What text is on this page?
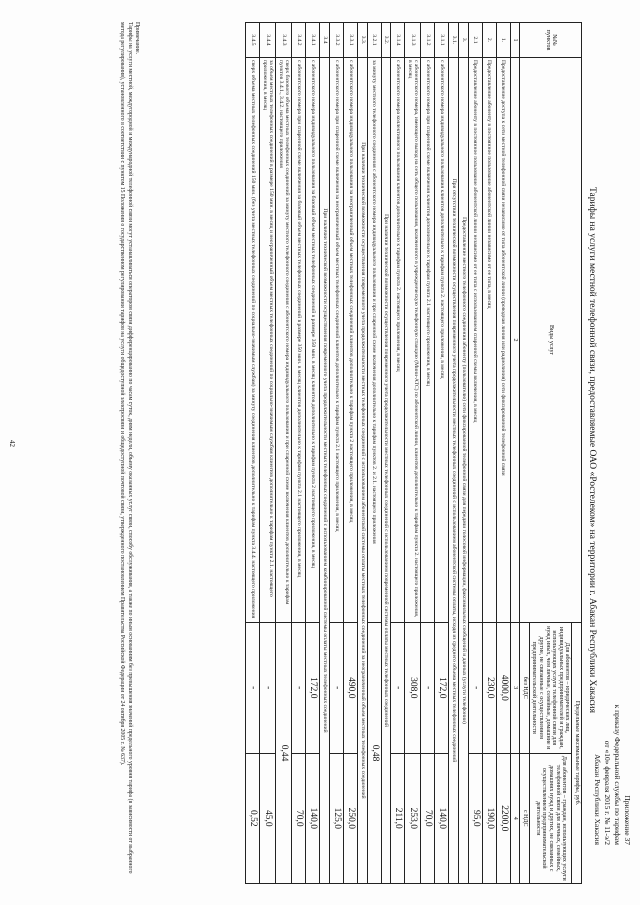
Приложение 37
к приказу Федеральной службы по тарифам
от «10» февраля 2015 г. № 11-э/2
Абакан Республики Хакасия
Тарифы на услуги местной телефонной связи, предоставляемые ОАО «Ростелеком» на территории г. Абакан Республики Хакасия
№№ пунктов	Виды услуг	Предельные максимальные тарифы, руб.	
		Для абонентов – юридических лиц, индивидуальных предпринимателей и граждан, использующих услуги телефонной связи для нужд иных, чем личные, семейные, домашние и другие, не связанные с осуществлением предпринимательской деятельности	Для абонентов – граждан, использующих услуги телефонной связи для личных, семейных, домашних нужд и других, не связанных с осуществлением предпринимательской деятельности
		без НДС	с НДС
1	2	3	4
1.	Предоставление доступа к сети местной телефонной связи независимо от типа абонентской линии (проводная линия или радиолиния) сети фиксированной телефонной связи	4000,0	2200,0
2.	Предоставление абоненту в постоянное пользование абонентской линии независимо от ее типа, в месяц	230,0	190,0
2.1	Предоставление абоненту в постоянное пользование абонентской линии независимо от ее типа с использованием спаренной схемы включения, в месяц	-	95,0
3.	Предоставление местного телефонного соединения абоненту (пользователю) сети фиксированной телефонной связи для передачи голосовой информации, факсимильных сообщений и данных (услуги телефонии)		
3.1.	При отсутствии технической возможности осуществления повременного учета продолжительности местных телефонных соединений с использованием абонентской системы оплаты, исходя из среднего объема местных телефонных соединений		
3.1.1	с абонентского номера индивидуального пользования клиентов дополнительно к тарифам пункта 2. настоящего приложения, в месяц	172,0	140,0
3.1.2	с абонентского номера при спаренной схеме включения клиентов дополнительно к тарифам пункта 2.1 настоящего приложения, в месяц	-	70,0
3.1.3	с абонентского номера, имеющего выход на сеть общего пользования, включенного в учрежденческую телефонную станцию (Мини-АТС) по абонентской линии, клиентов дополнительно к тарифам пункта 2. настоящего приложения, в месяц	308,0	253,0
3.1.4	с абонентского номера коллективного пользования клиентов дополнительно к тарифам пункта 2. настоящего приложения, в месяц	-	211,0
3.2.	При наличии технической возможности осуществления повременного учета продолжительности местных телефонных соединений с использованием повременной системы оплаты местных телефонных соединений		
3.2.1	за минуту местного телефонного соединения с абонентского номера индивидуального пользования и при спаренной схеме включения дополнительно к тарифам пунктов 2. и 2.1. настоящего приложения	0,48	
3.3.	При наличии технической возможности осуществления повременного учета продолжительности местных телефонных соединений с использованием абонентской системы оплаты местных телефонных соединений за неограниченный объем местных телефонных соединений		
3.3.1	с абонентского номера индивидуального пользования за неограниченный объем местных телефонных соединений клиентов дополнительно к тарифам пункта 2 настоящего приложения, в месяц	490,0	250,0
3.3.2	с абонентского номера при спаренной схеме включения за неограниченный объем местных телефонных соединений клиентов дополнительно к тарифам пункта 2.1 настоящего приложения, в месяц	-	125,0
3.4	При наличии технической возможности осуществления повременного учета продолжительности местных телефонных соединений с использованием комбинированной системы оплаты местных телефонных соединений		
3.4.1	с абонентского номера индивидуального пользования за базовый объем местных телефонных соединений в размере 350 мин. в месяц клиентов дополнительно к тарифам пункта 2 настоящего приложения, в месяц	172,0	140,0
3.4.2	с абонентского номера при спаренной схеме включения за базовый объем местных телефонных соединений в размере 350 мин. в месяц клиентов дополнительно к тарифам пункта 2.1 настоящего приложения, в месяц	-	70,0
3.4.3	сверх базового объема местных телефонных соединений за минуту местного телефонного соединения с абонентского номера индивидуального пользования и при спаренной схеме включения клиентов дополнительно к тарифам пунктов 3.4.1., 3.4.2. настоящего приложения	0,44	
3.4.4	за объем местных телефонных соединений в размере 150 мин. в месяц и неограниченный объем местных телефонных соединений по социально-значимым службам клиентов дополнительно к тарифам пункта 2.1. настоящего приложения, в месяц	-	45,0
3.4.5	сверх объема местных телефонных соединений 150 мин. (без учета местных телефонных соединений по социально-значимым службам) за минуту соединения клиентов дополнительно к тарифам пункта 3.4.4. настоящего приложения	-	0,52
Примечание.
Тарифы на услуги местной, междугородной и международной телефонной связи могут устанавливаться оператором связи дифференцированно по часам суток, дням недели, объему оказанных услуг связи, способу обслуживания, а также по иным основаниям без превышения значений предельного уровня тарифа (в зависимости от выбранного метода регулирования), установленного в соответствии с пунктом 15 Положения о государственном регулировании тарифов на услуги общедоступной электросвязи и общедоступной почтовой связи, утвержденного постановлением Правительства Российской Федерации от 24 октября 2005 г. № 637).
42
